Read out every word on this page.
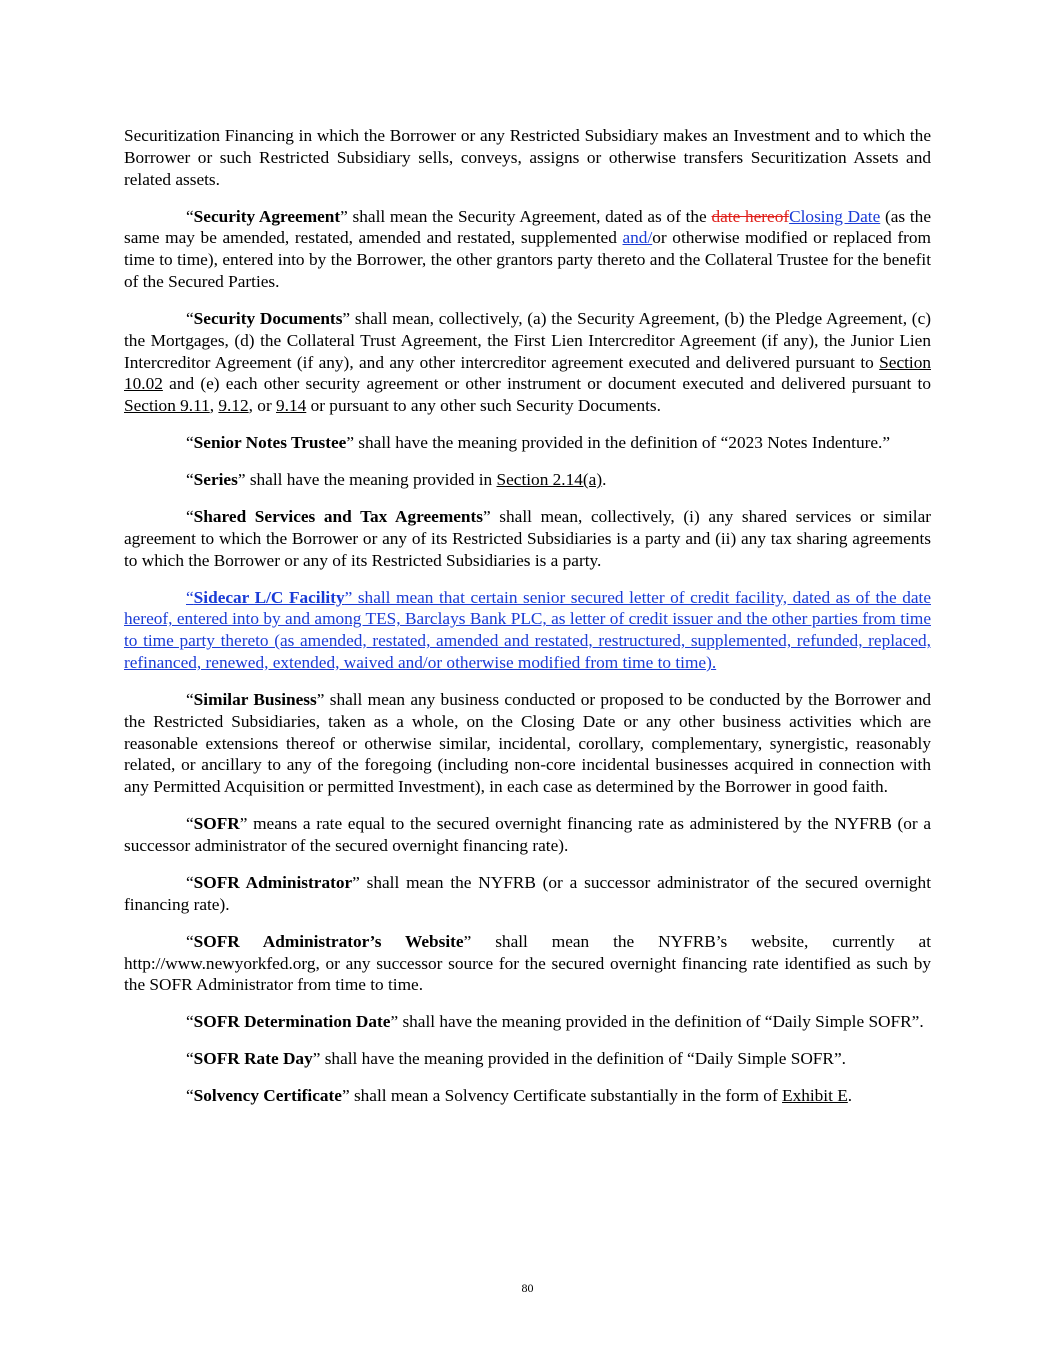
Securitization Financing in which the Borrower or any Restricted Subsidiary makes an Investment and to which the Borrower or such Restricted Subsidiary sells, conveys, assigns or otherwise transfers Securitization Assets and related assets.

“Security Agreement” shall mean the Security Agreement, dated as of the date hereofClosing Date (as the same may be amended, restated, amended and restated, supplemented and/or otherwise modified or replaced from time to time), entered into by the Borrower, the other grantors party thereto and the Collateral Trustee for the benefit of the Secured Parties.

“Security Documents” shall mean, collectively, (a) the Security Agreement, (b) the Pledge Agreement, (c) the Mortgages, (d) the Collateral Trust Agreement, the First Lien Intercreditor Agreement (if any), the Junior Lien Intercreditor Agreement (if any), and any other intercreditor agreement executed and delivered pursuant to Section 10.02 and (e) each other security agreement or other instrument or document executed and delivered pursuant to Section 9.11, 9.12, or 9.14 or pursuant to any other such Security Documents.

“Senior Notes Trustee” shall have the meaning provided in the definition of “2023 Notes Indenture.”

“Series” shall have the meaning provided in Section 2.14(a).

“Shared Services and Tax Agreements” shall mean, collectively, (i) any shared services or similar agreement to which the Borrower or any of its Restricted Subsidiaries is a party and (ii) any tax sharing agreements to which the Borrower or any of its Restricted Subsidiaries is a party.

“Sidecar L/C Facility” shall mean that certain senior secured letter of credit facility, dated as of the date hereof, entered into by and among TES, Barclays Bank PLC, as letter of credit issuer and the other parties from time to time party thereto (as amended, restated, amended and restated, restructured, supplemented, refunded, replaced, refinanced, renewed, extended, waived and/or otherwise modified from time to time).

“Similar Business” shall mean any business conducted or proposed to be conducted by the Borrower and the Restricted Subsidiaries, taken as a whole, on the Closing Date or any other business activities which are reasonable extensions thereof or otherwise similar, incidental, corollary, complementary, synergistic, reasonably related, or ancillary to any of the foregoing (including non-core incidental businesses acquired in connection with any Permitted Acquisition or permitted Investment), in each case as determined by the Borrower in good faith.

“SOFR” means a rate equal to the secured overnight financing rate as administered by the NYFRB (or a successor administrator of the secured overnight financing rate).

“SOFR Administrator” shall mean the NYFRB (or a successor administrator of the secured overnight financing rate).

“SOFR Administrator’s Website” shall mean the NYFRB’s website, currently at http://www.newyorkfed.org, or any successor source for the secured overnight financing rate identified as such by the SOFR Administrator from time to time.

“SOFR Determination Date” shall have the meaning provided in the definition of “Daily Simple SOFR”.

“SOFR Rate Day” shall have the meaning provided in the definition of “Daily Simple SOFR”.

“Solvency Certificate” shall mean a Solvency Certificate substantially in the form of Exhibit E.

80
